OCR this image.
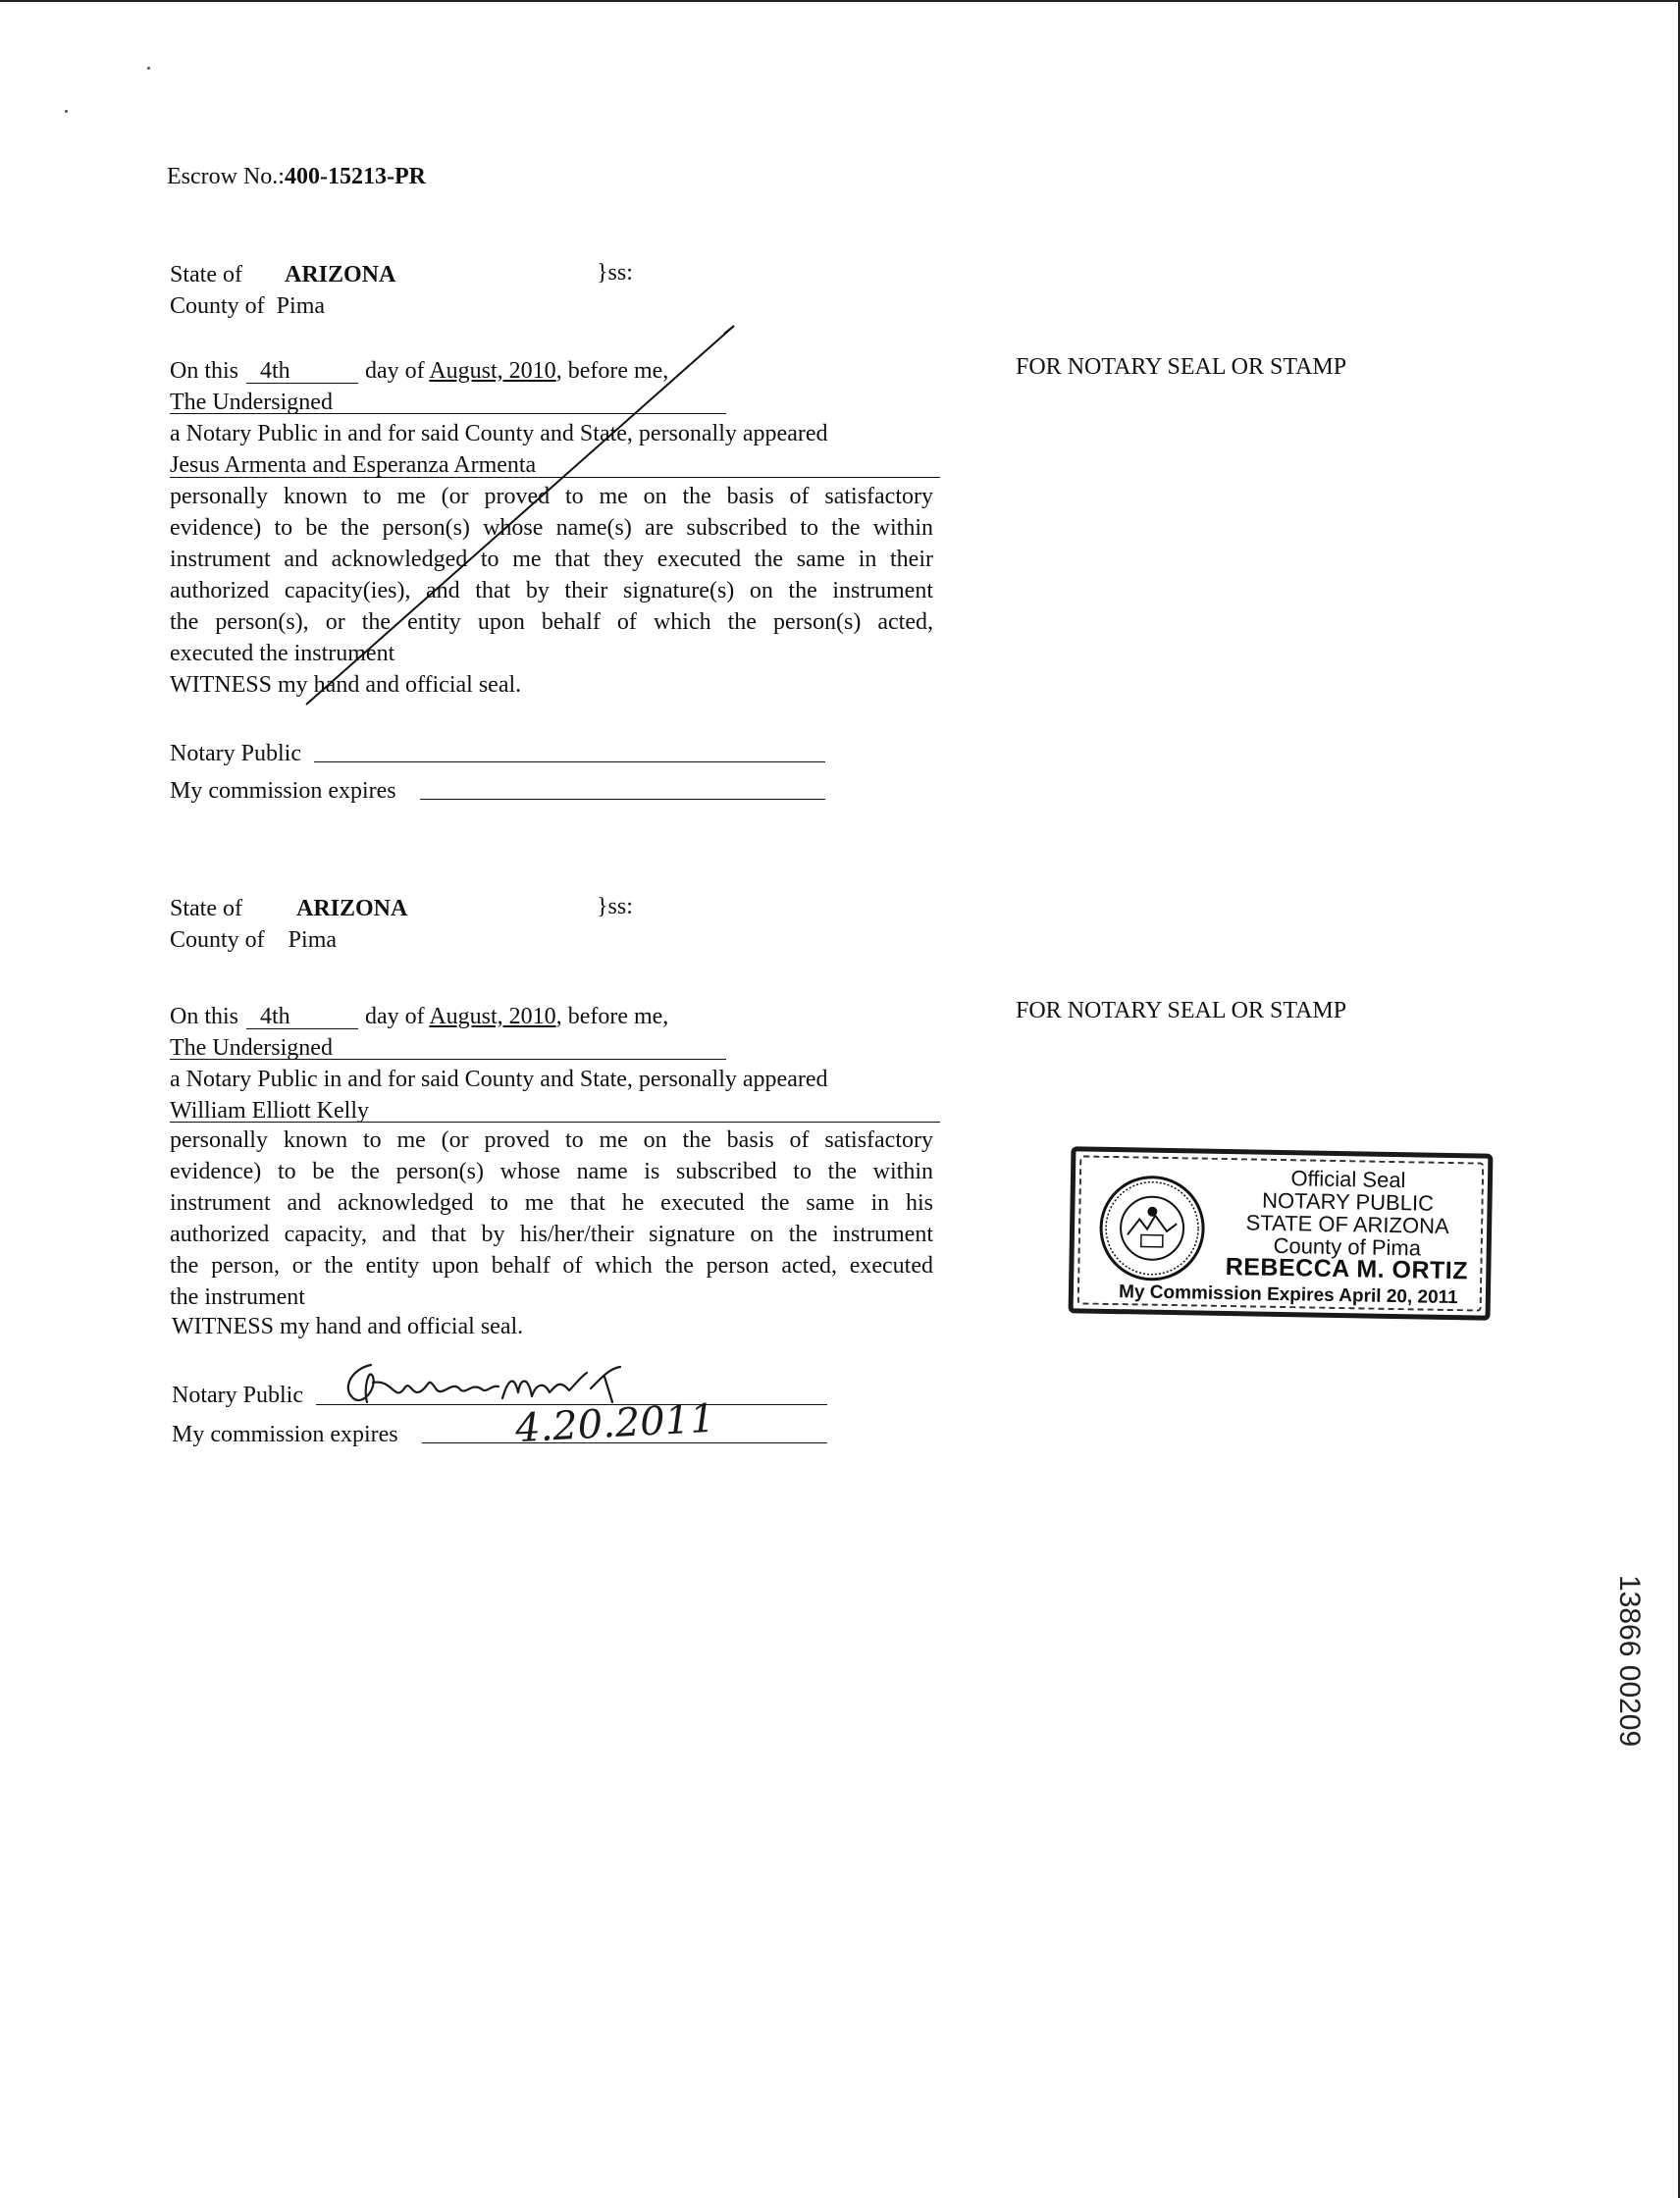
Escrow No.:400-15213-PR
State of ARIZONA	}ss:
County of Pima
On this 4th	day of August, 2010, before me,
The Undersigned
a Notary Public in and for said County and State, personally appeared
Jesus Armenta and Esperanza Armenta
personally known to me (or proved to me on the basis of satisfactory
evidence) to be the person(s) whose name(s) are subscribed to the within
instrument and acknowledged to me that they executed the same in their
authorized capacity(ies), and that by their signature(s) on the instrument
the person(s), or the entity upon behalf of which the person(s) acted,
executed the instrument
WITNESS my hand and official seal.
Notary Public
My commission expires
FOR NOTARY SEAL OR STAMP
State of ARIZONA	}ss:
County of Pima
On this 4th	day of August, 2010, before me,
The Undersigned
a Notary Public in and for said County and State, personally appeared
William Elliott Kelly
personally known to me (or proved to me on the basis of satisfactory
evidence) to be the person(s) whose name is subscribed to the within
instrument and acknowledged to me that he executed the same in his
authorized capacity, and that by his/her/their signature on the instrument
the person, or the entity upon behalf of which the person acted, executed
the instrument
WITNESS my hand and official seal.
Notary Public
My commission expires	4.20.2011
FOR NOTARY SEAL OR STAMP
Official Seal
NOTARY PUBLIC
STATE OF ARIZONA
County of Pima
REBECCA M. ORTIZ
My Commission Expires April 20, 2011
13866 00209
